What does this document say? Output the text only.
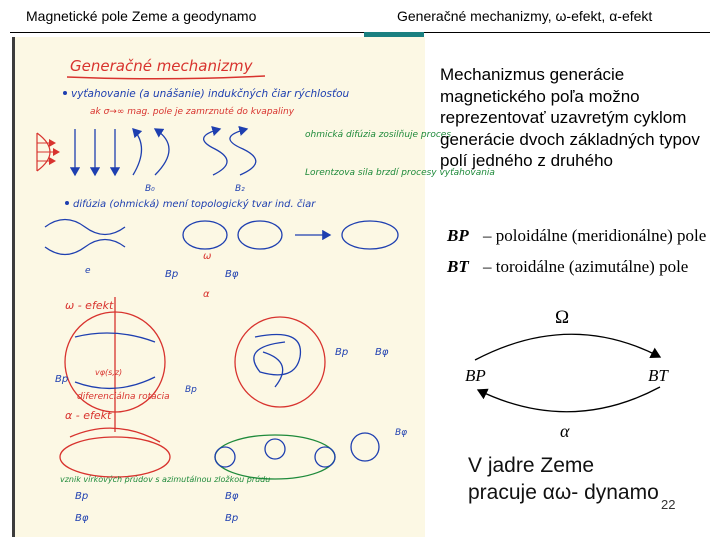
Magnetické pole Zeme a geodynamo	Generačné mechanizmy, ω-efekt, α-efekt
Generačné mechanizmy
vyťahovanie (a unášanie) indukčných čiar rýchlosťou
ak σ→∞ mag. pole je zamrznuté do kvapaliny
B₀	B₂
ohmická difúzia zosilňuje proces
Lorentzova sila brzdí procesy vyťahovania
difúzia (ohmická) mení topologický tvar ind. čiar
e
ω
α
Bp	Bφ
ω - efekt
vφ(s,z)
diferenciálna rotácia
Bp
Bp
Bp	Bφ
α - efekt
vznik vírkových prúdov s azimutálnou zložkou prúdu
Bp
Bφ
Bφ
Bp
Bφ
Mechanizmus generácie magnetického poľa možno reprezentovať uzavretým cyklom generácie dvoch základných typov polí jedného z druhého
BP – poloidálne (meridionálne) pole
BT – toroidálne (azimutálne) pole
Ω
BP	BT
α
V jadre Zeme
pracuje αω- dynamo
22
